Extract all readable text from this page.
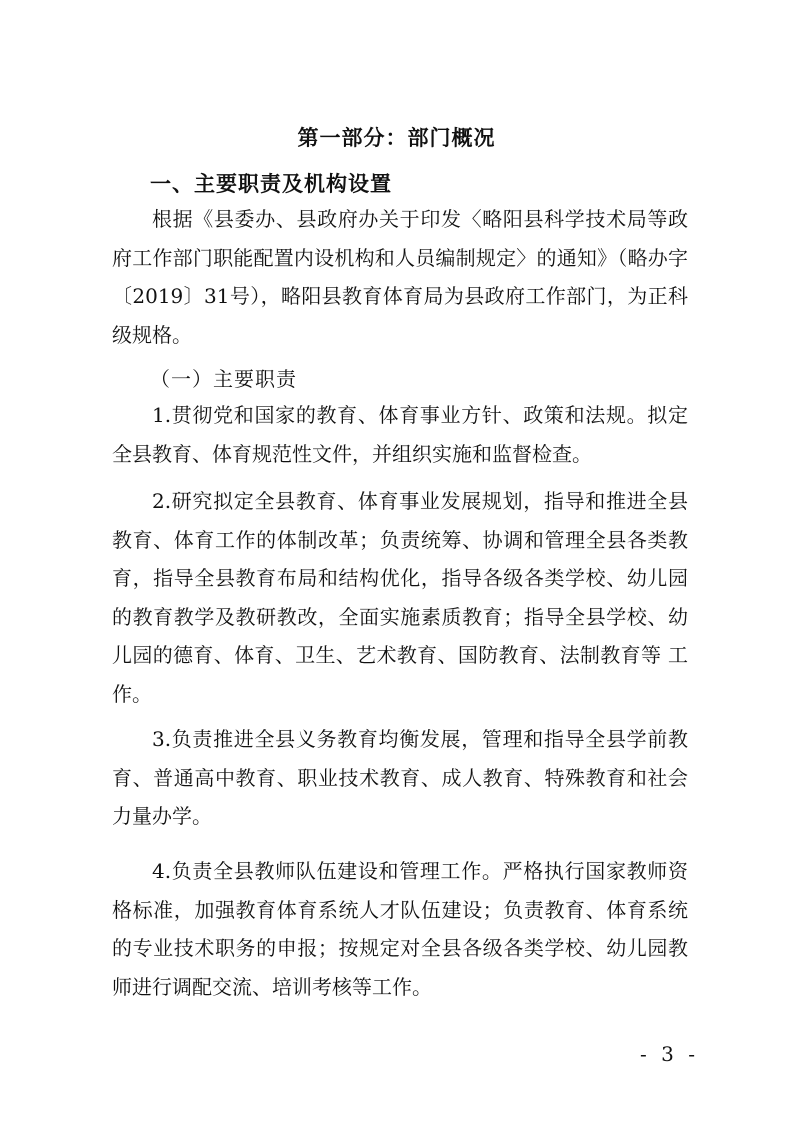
第一部分：部门概况
一、主要职责及机构设置

根据《县委办、县政府办关于印发〈略阳县科学技术局等政府工作部门职能配置内设机构和人员编制规定〉的通知》（略办字〔2019〕31号），略阳县教育体育局为县政府工作部门，为正科级规格。

（一）主要职责

1.贯彻党和国家的教育、体育事业方针、政策和法规。拟定全县教育、体育规范性文件，并组织实施和监督检查。

2.研究拟定全县教育、体育事业发展规划，指导和推进全县教育、体育工作的体制改革；负责统筹、协调和管理全县各类教育，指导全县教育布局和结构优化，指导各级各类学校、幼儿园的教育教学及教研教改，全面实施素质教育；指导全县学校、幼儿园的德育、体育、卫生、艺术教育、国防教育、法制教育等 工作。

3.负责推进全县义务教育均衡发展，管理和指导全县学前教育、普通高中教育、职业技术教育、成人教育、特殊教育和社会力量办学。

4.负责全县教师队伍建设和管理工作。严格执行国家教师资格标准，加强教育体育系统人才队伍建设；负责教育、体育系统的专业技术职务的申报；按规定对全县各级各类学校、幼儿园教师进行调配交流、培训考核等工作。

- 3 -
